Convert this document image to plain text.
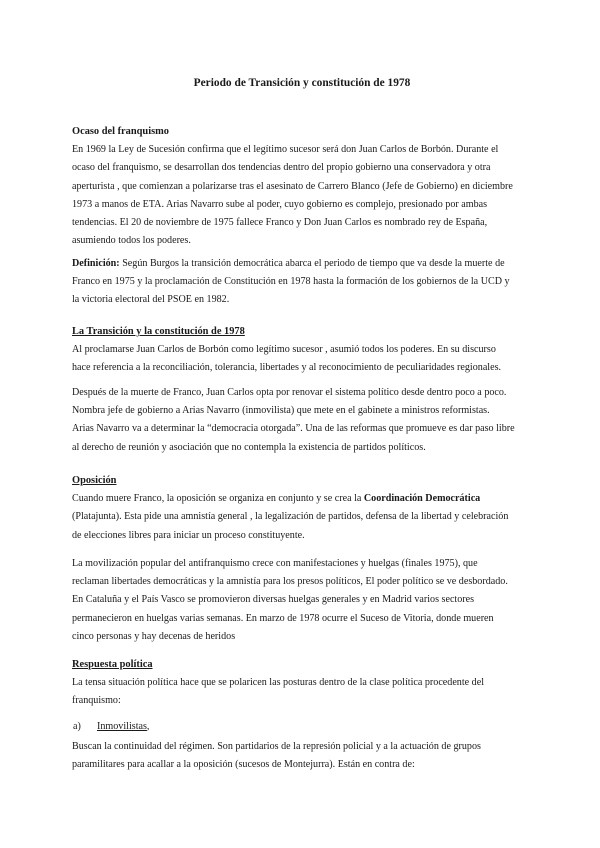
Periodo de Transición y constitución de 1978
Ocaso del franquismo
En 1969 la Ley de Sucesión confirma que el legítimo sucesor será don Juan Carlos de Borbón. Durante el
ocaso del franquismo, se desarrollan dos tendencias dentro del propio gobierno una conservadora y otra
aperturista , que comienzan a polarizarse tras el asesinato de Carrero Blanco (Jefe de Gobierno) en diciembre
1973 a manos de ETA. Arias Navarro sube al poder, cuyo gobierno es complejo, presionado por ambas
tendencias. El 20 de noviembre de 1975 fallece Franco y Don Juan Carlos es nombrado rey de España,
asumiendo todos los poderes.
Definición: Según Burgos la transición democrática abarca el periodo de tiempo que va desde la muerte de
Franco en 1975 y la proclamación de Constitución en 1978 hasta la formación de los gobiernos de la UCD y
la victoria electoral del PSOE en 1982.
La Transición y la constitución de 1978
Al proclamarse Juan Carlos de Borbón como legítimo sucesor , asumió todos los poderes. En su discurso
hace referencia a la reconciliación, tolerancia, libertades y al reconocimiento de peculiaridades regionales.
Después de la muerte de Franco, Juan Carlos opta por renovar el sistema político desde dentro poco a poco.
Nombra jefe de gobierno a Arias Navarro (inmovilista) que mete en el gabinete a ministros reformistas.
Arias Navarro va a determinar la “democracia otorgada”. Una de las reformas que promueve es dar paso libre
al derecho de reunión y asociación que no contempla la existencia de partidos políticos.
Oposición
Cuando muere Franco, la oposición se organiza en conjunto y se crea la Coordinación Democrática
(Platajunta). Esta pide una amnistía general , la legalización de partidos, defensa de la libertad y celebración
de elecciones libres para iniciar un proceso constituyente.
La movilización popular del antifranquismo crece con manifestaciones y huelgas (finales 1975), que
reclaman libertades democráticas y la amnistía para los presos políticos, El poder político se ve desbordado.
En Cataluña y el País Vasco se promovieron diversas huelgas generales y en Madrid varios sectores
permanecieron en huelgas varias semanas. En marzo de 1978 ocurre el Suceso de Vitoria, donde mueren
cinco personas y hay decenas de heridos
Respuesta política
La tensa situación política hace que se polaricen las posturas dentro de la clase política procedente del
franquismo:
a) Inmovilistas,
Buscan la continuidad del régimen. Son partidarios de la represión policial y a la actuación de grupos
paramilitares para acallar a la oposición (sucesos de Montejurra). Están en contra de:
